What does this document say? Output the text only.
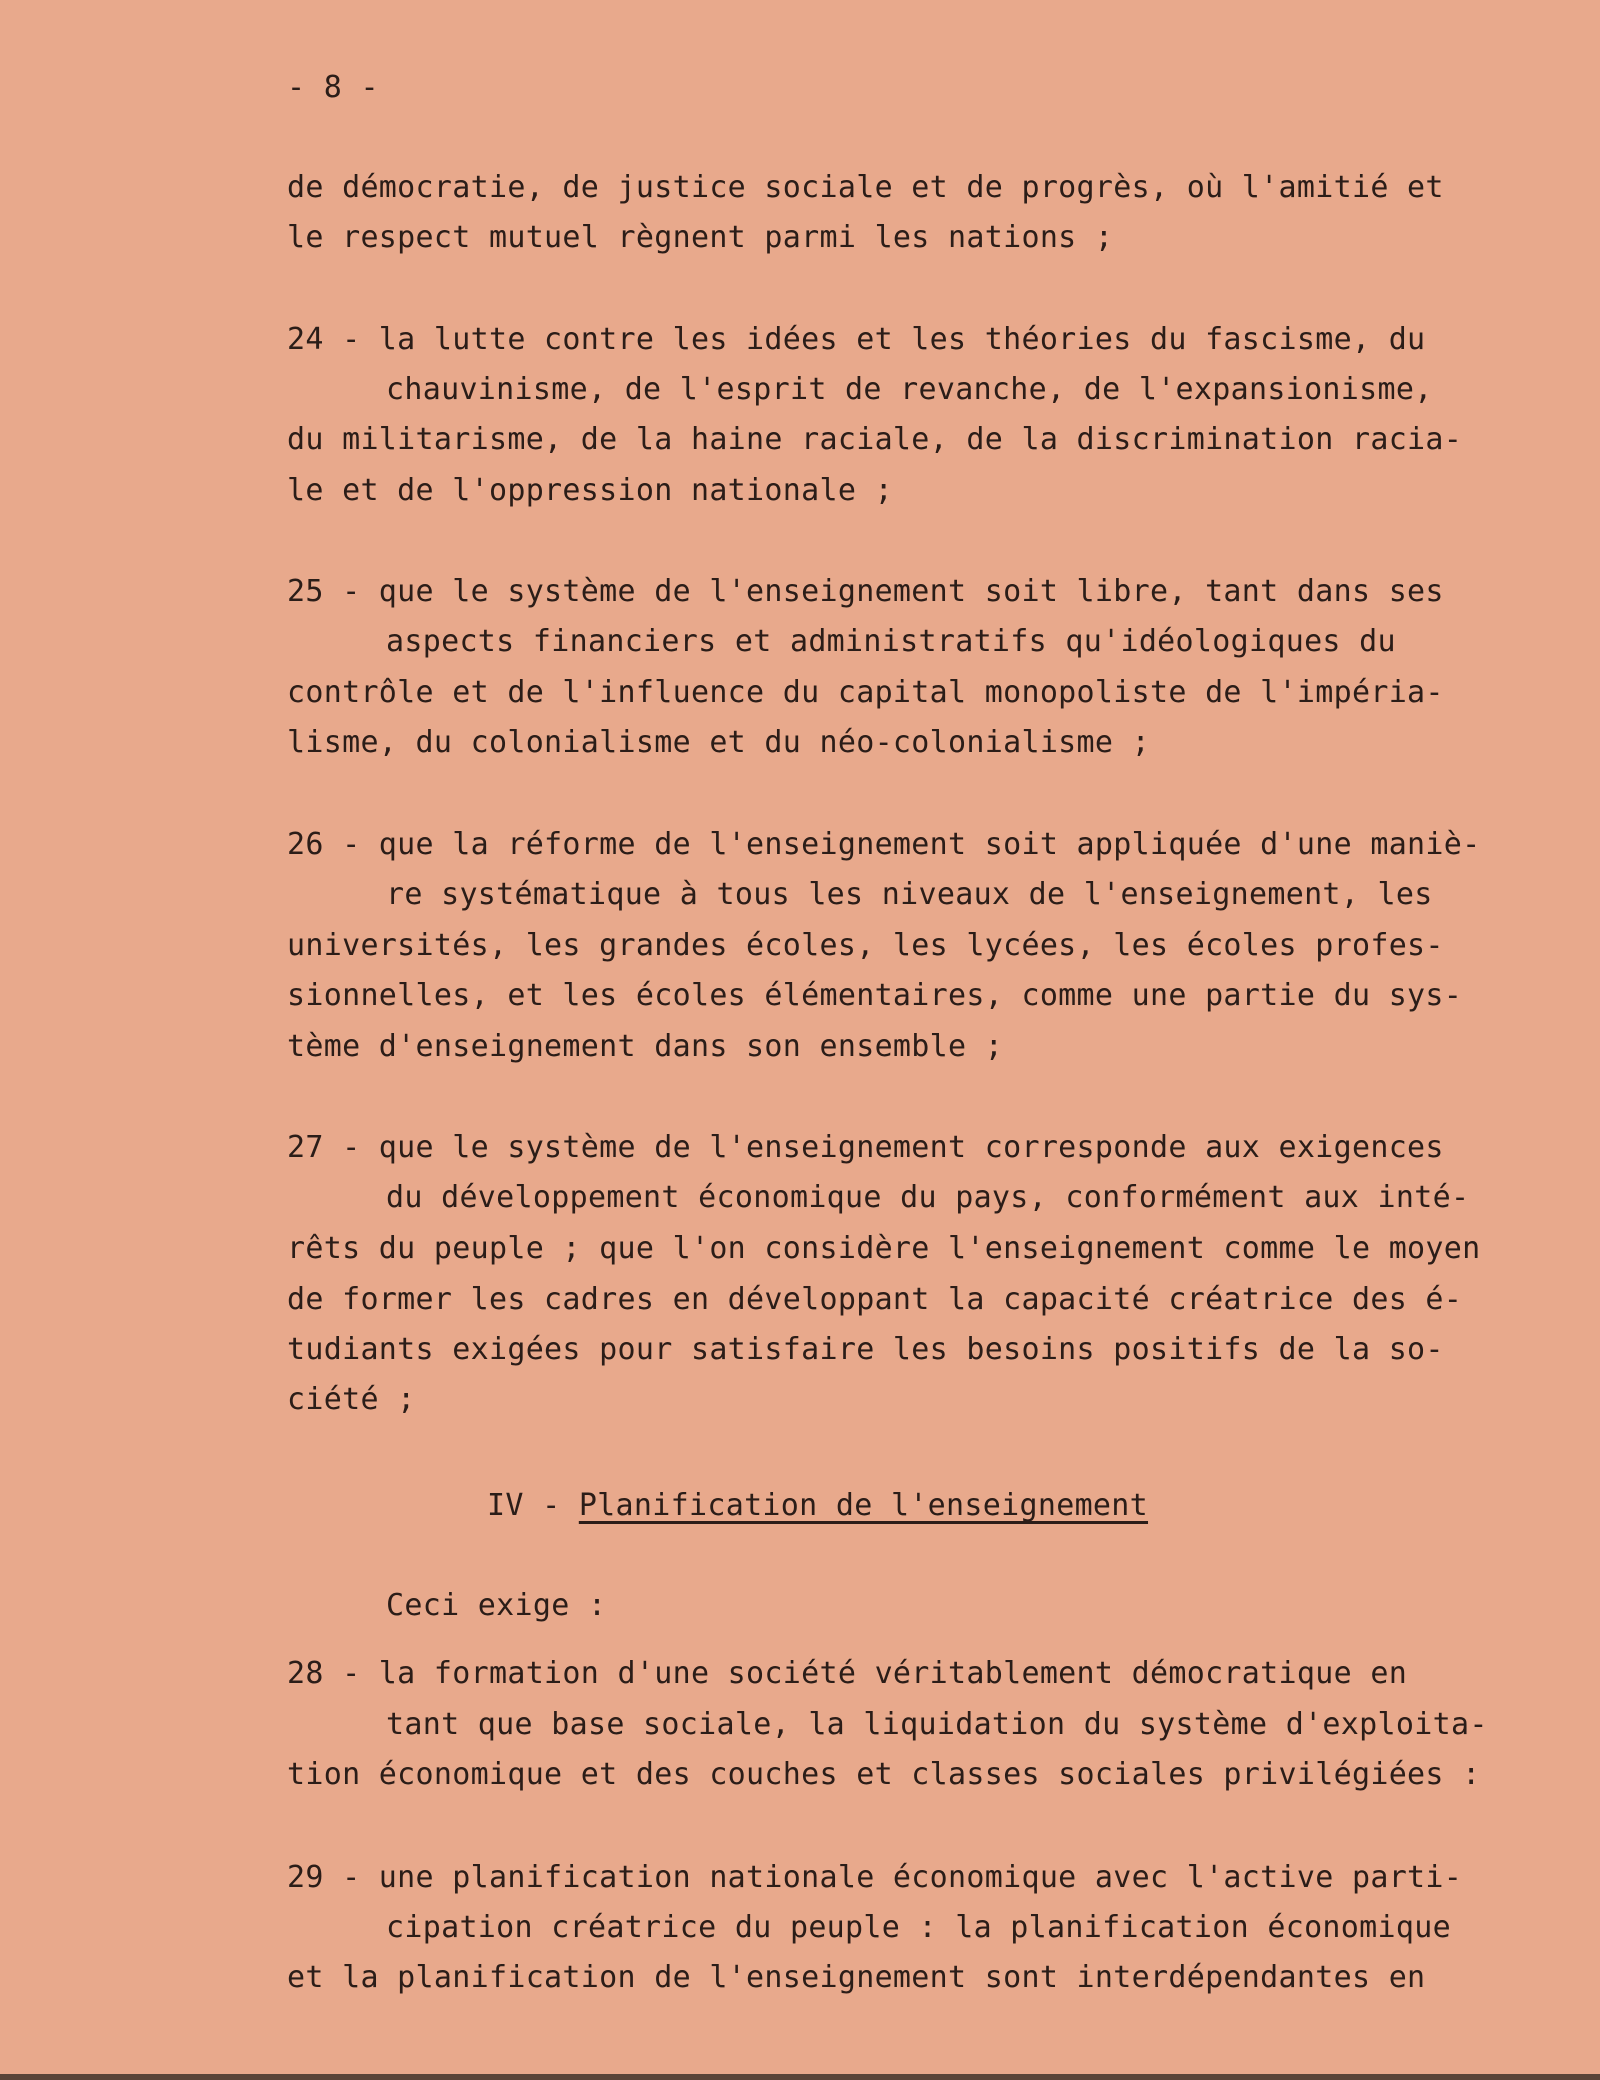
- 8 -
de démocratie, de justice sociale et de progrès, où l'amitié et
le respect mutuel règnent parmi les nations ;
24 - la lutte contre les idées et les théories du fascisme, du
chauvinisme, de l'esprit de revanche, de l'expansionisme,
du militarisme, de la haine raciale, de la discrimination racia-
le et de l'oppression nationale ;
25 - que le système de l'enseignement soit libre, tant dans ses
aspects financiers et administratifs qu'idéologiques du
contrôle et de l'influence du capital monopoliste de l'impéria-
lisme, du colonialisme et du néo-colonialisme ;
26 - que la réforme de l'enseignement soit appliquée d'une maniè-
re systématique à tous les niveaux de l'enseignement, les
universités, les grandes écoles, les lycées, les écoles profes-
sionnelles, et les écoles élémentaires, comme une partie du sys-
tème d'enseignement dans son ensemble ;
27 - que le système de l'enseignement corresponde aux exigences
du développement économique du pays, conformément aux inté-
rêts du peuple ; que l'on considère l'enseignement comme le moyen
de former les cadres en développant la capacité créatrice des é-
tudiants exigées pour satisfaire les besoins positifs de la so-
ciété ;
IV - Planification de l'enseignement
Ceci exige :
28 - la formation d'une société véritablement démocratique en
tant que base sociale, la liquidation du système d'exploita-
tion économique et des couches et classes sociales privilégiées :
29 - une planification nationale économique avec l'active parti-
cipation créatrice du peuple : la planification économique
et la planification de l'enseignement sont interdépendantes en
